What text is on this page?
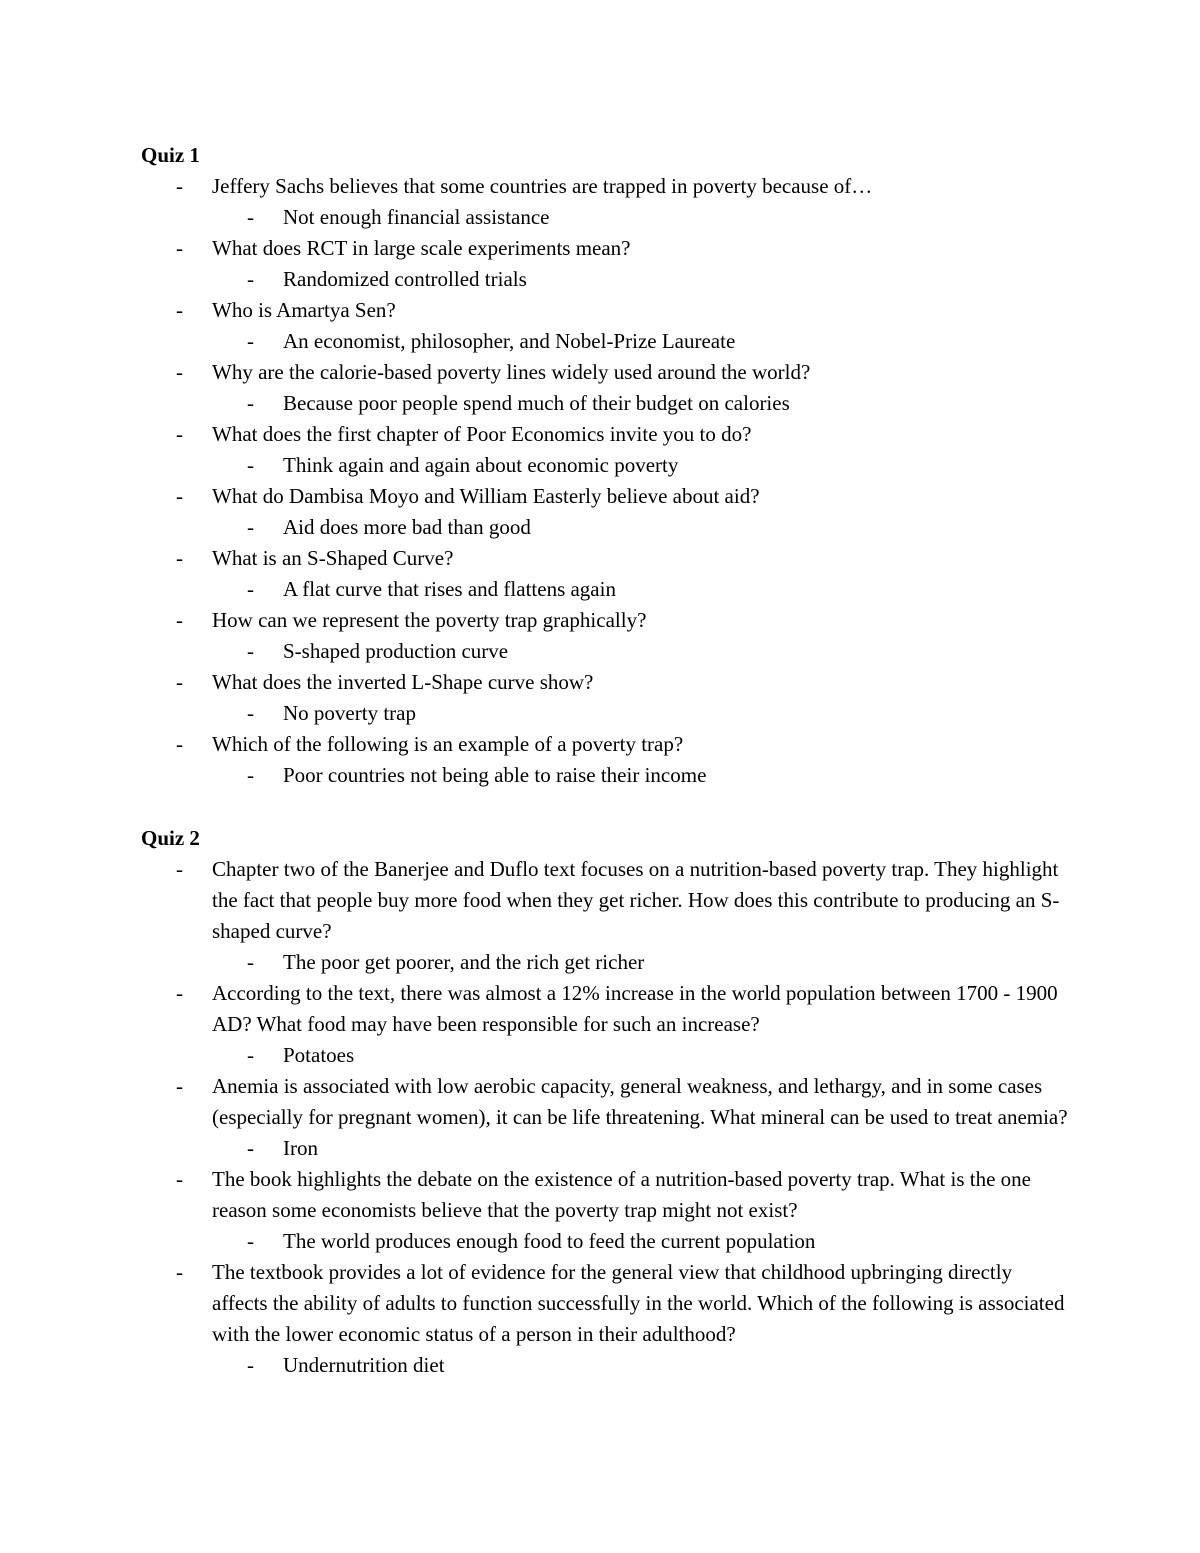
Quiz 1
-	Jeffery Sachs believes that some countries are trapped in poverty because of…
-	Not enough financial assistance
-	What does RCT in large scale experiments mean?
-	Randomized controlled trials
-	Who is Amartya Sen?
-	An economist, philosopher, and Nobel-Prize Laureate
-	Why are the calorie-based poverty lines widely used around the world?
-	Because poor people spend much of their budget on calories
-	What does the first chapter of Poor Economics invite you to do?
-	Think again and again about economic poverty
-	What do Dambisa Moyo and William Easterly believe about aid?
-	Aid does more bad than good
-	What is an S-Shaped Curve?
-	A flat curve that rises and flattens again
-	How can we represent the poverty trap graphically?
-	S-shaped production curve
-	What does the inverted L-Shape curve show?
-	No poverty trap
-	Which of the following is an example of a poverty trap?
-	Poor countries not being able to raise their income
Quiz 2
-	Chapter two of the Banerjee and Duflo text focuses on a nutrition-based poverty trap. They highlight the fact that people buy more food when they get richer. How does this contribute to producing an S-shaped curve?
-	The poor get poorer, and the rich get richer
-	According to the text, there was almost a 12% increase in the world population between 1700 - 1900 AD? What food may have been responsible for such an increase?
-	Potatoes
-	Anemia is associated with low aerobic capacity, general weakness, and lethargy, and in some cases (especially for pregnant women), it can be life threatening. What mineral can be used to treat anemia?
-	Iron
-	The book highlights the debate on the existence of a nutrition-based poverty trap. What is the one reason some economists believe that the poverty trap might not exist?
-	The world produces enough food to feed the current population
-	The textbook provides a lot of evidence for the general view that childhood upbringing directly affects the ability of adults to function successfully in the world. Which of the following is associated with the lower economic status of a person in their adulthood?
-	Undernutrition diet
